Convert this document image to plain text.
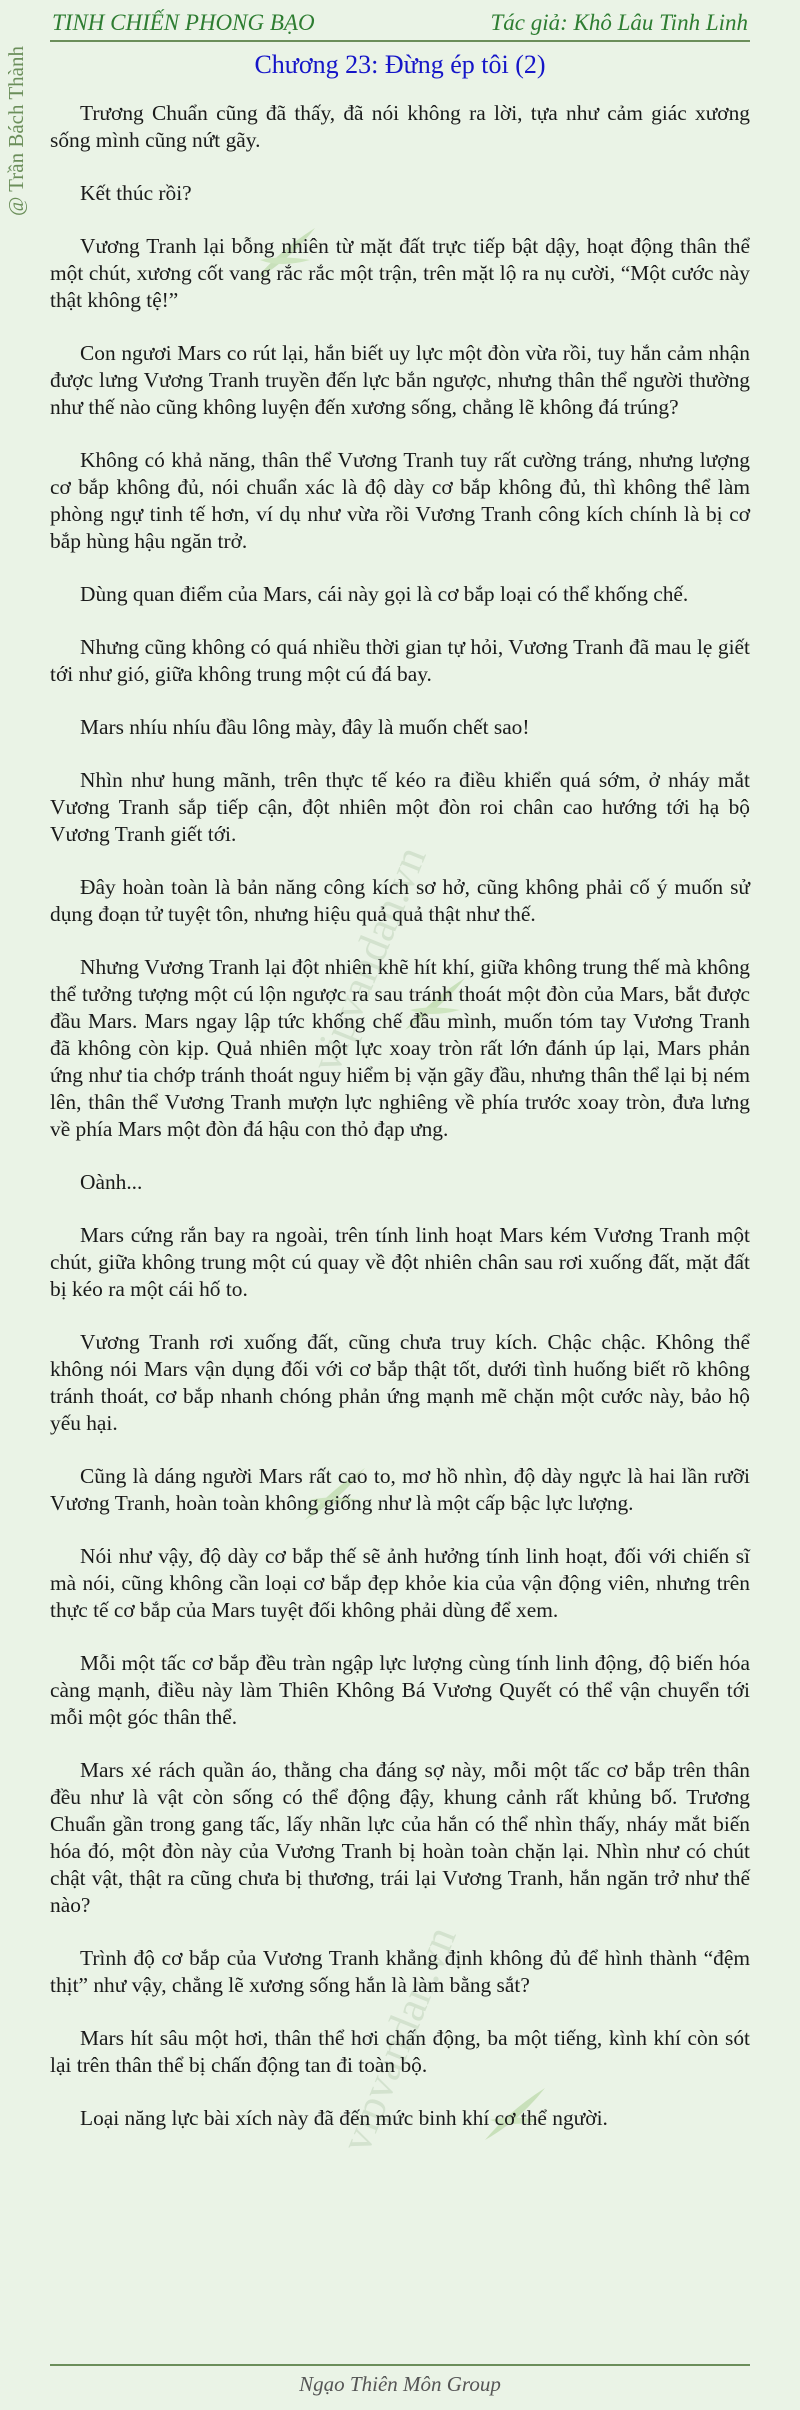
TINH CHIẾN PHONG BẠO	Tác giả: Khô Lâu Tinh Linh
@ Trần Bách Thành
vipvandan.vn
vipvandan.vn
Chương 23: Đừng ép tôi (2)

Trương Chuẩn cũng đã thấy, đã nói không ra lời, tựa như cảm giác xương sống mình cũng nứt gãy.

Kết thúc rồi?

Vương Tranh lại bỗng nhiên từ mặt đất trực tiếp bật dậy, hoạt động thân thể một chút, xương cốt vang rắc rắc một trận, trên mặt lộ ra nụ cười, “Một cước này thật không tệ!”

Con ngươi Mars co rút lại, hắn biết uy lực một đòn vừa rồi, tuy hắn cảm nhận được lưng Vương Tranh truyền đến lực bắn ngược, nhưng thân thể người thường như thế nào cũng không luyện đến xương sống, chẳng lẽ không đá trúng?

Không có khả năng, thân thể Vương Tranh tuy rất cường tráng, nhưng lượng cơ bắp không đủ, nói chuẩn xác là độ dày cơ bắp không đủ, thì không thể làm phòng ngự tinh tế hơn, ví dụ như vừa rồi Vương Tranh công kích chính là bị cơ bắp hùng hậu ngăn trở.

Dùng quan điểm của Mars, cái này gọi là cơ bắp loại có thể khống chế.

Nhưng cũng không có quá nhiều thời gian tự hỏi, Vương Tranh đã mau lẹ giết tới như gió, giữa không trung một cú đá bay.

Mars nhíu nhíu đầu lông mày, đây là muốn chết sao!

Nhìn như hung mãnh, trên thực tế kéo ra điều khiển quá sớm, ở nháy mắt Vương Tranh sắp tiếp cận, đột nhiên một đòn roi chân cao hướng tới hạ bộ Vương Tranh giết tới.

Đây hoàn toàn là bản năng công kích sơ hở, cũng không phải cố ý muốn sử dụng đoạn tử tuyệt tôn, nhưng hiệu quả quả thật như thế.

Nhưng Vương Tranh lại đột nhiên khẽ hít khí, giữa không trung thế mà không thể tưởng tượng một cú lộn ngược ra sau tránh thoát một đòn của Mars, bắt được đầu Mars. Mars ngay lập tức khống chế đầu mình, muốn tóm tay Vương Tranh đã không còn kịp. Quả nhiên một lực xoay tròn rất lớn đánh úp lại, Mars phản ứng như tia chớp tránh thoát nguy hiểm bị vặn gãy đầu, nhưng thân thể lại bị ném lên, thân thể Vương Tranh mượn lực nghiêng về phía trước xoay tròn, đưa lưng về phía Mars một đòn đá hậu con thỏ đạp ưng.

Oành...

Mars cứng rắn bay ra ngoài, trên tính linh hoạt Mars kém Vương Tranh một chút, giữa không trung một cú quay về đột nhiên chân sau rơi xuống đất, mặt đất bị kéo ra một cái hố to.

Vương Tranh rơi xuống đất, cũng chưa truy kích. Chậc chậc. Không thể không nói Mars vận dụng đối với cơ bắp thật tốt, dưới tình huống biết rõ không tránh thoát, cơ bắp nhanh chóng phản ứng mạnh mẽ chặn một cước này, bảo hộ yếu hại.

Cũng là dáng người Mars rất cao to, mơ hồ nhìn, độ dày ngực là hai lần rưỡi Vương Tranh, hoàn toàn không giống như là một cấp bậc lực lượng.

Nói như vậy, độ dày cơ bắp thế sẽ ảnh hưởng tính linh hoạt, đối với chiến sĩ mà nói, cũng không cần loại cơ bắp đẹp khỏe kia của vận động viên, nhưng trên thực tế cơ bắp của Mars tuyệt đối không phải dùng để xem.

Mỗi một tấc cơ bắp đều tràn ngập lực lượng cùng tính linh động, độ biến hóa càng mạnh, điều này làm Thiên Không Bá Vương Quyết có thể vận chuyển tới mỗi một góc thân thể.

Mars xé rách quần áo, thằng cha đáng sợ này, mỗi một tấc cơ bắp trên thân đều như là vật còn sống có thể động đậy, khung cảnh rất khủng bố. Trương Chuẩn gần trong gang tấc, lấy nhãn lực của hắn có thể nhìn thấy, nháy mắt biến hóa đó, một đòn này của Vương Tranh bị hoàn toàn chặn lại. Nhìn như có chút chật vật, thật ra cũng chưa bị thương, trái lại Vương Tranh, hắn ngăn trở như thế nào?

Trình độ cơ bắp của Vương Tranh khẳng định không đủ để hình thành “đệm thịt” như vậy, chẳng lẽ xương sống hắn là làm bằng sắt?

Mars hít sâu một hơi, thân thể hơi chấn động, ba một tiếng, kình khí còn sót lại trên thân thể bị chấn động tan đi toàn bộ.

Loại năng lực bài xích này đã đến mức binh khí cơ thể người.

Ngạo Thiên Môn Group
